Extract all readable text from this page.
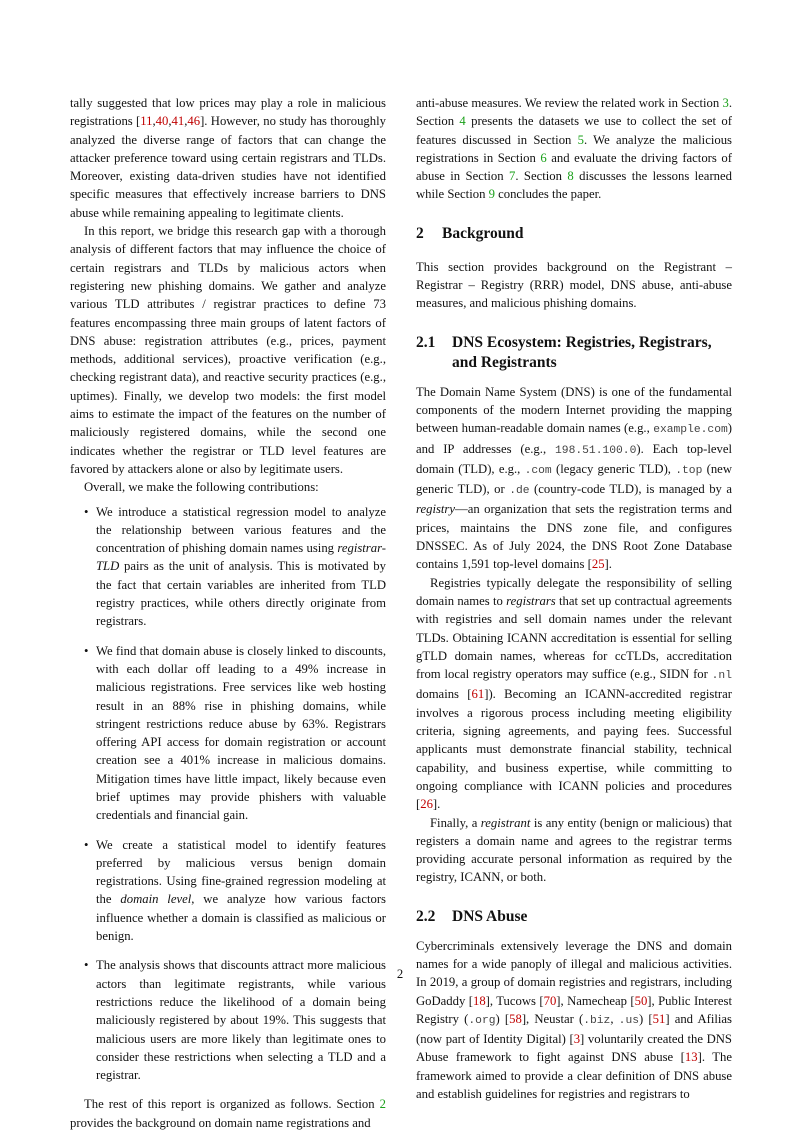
tally suggested that low prices may play a role in malicious registrations [11,40,41,46]. However, no study has thoroughly analyzed the diverse range of factors that can change the attacker preference toward using certain registrars and TLDs. Moreover, existing data-driven studies have not identified specific measures that effectively increase barriers to DNS abuse while remaining appealing to legitimate clients.

In this report, we bridge this research gap with a thorough analysis of different factors that may influence the choice of certain registrars and TLDs by malicious actors when registering new phishing domains. We gather and analyze various TLD attributes / registrar practices to define 73 features encompassing three main groups of latent factors of DNS abuse: registration attributes (e.g., prices, payment methods, additional services), proactive verification (e.g., checking registrant data), and reactive security practices (e.g., uptimes). Finally, we develop two models: the first model aims to estimate the impact of the features on the number of maliciously registered domains, while the second one indicates whether the registrar or TLD level features are favored by attackers alone or also by legitimate users.

Overall, we make the following contributions:

• We introduce a statistical regression model to analyze the relationship between various features and the concentration of phishing domain names using registrar-TLD pairs as the unit of analysis. This is motivated by the fact that certain variables are inherited from TLD registry practices, while others directly originate from registrars.
• We find that domain abuse is closely linked to discounts, with each dollar off leading to a 49% increase in malicious registrations. Free services like web hosting result in an 88% rise in phishing domains, while stringent restrictions reduce abuse by 63%. Registrars offering API access for domain registration or account creation see a 401% increase in malicious domains. Mitigation times have little impact, likely because even brief uptimes may provide phishers with valuable credentials and financial gain.
• We create a statistical model to identify features preferred by malicious versus benign domain registrations. Using fine-grained regression modeling at the domain level, we analyze how various factors influence whether a domain is classified as malicious or benign.
• The analysis shows that discounts attract more malicious actors than legitimate registrants, while various restrictions reduce the likelihood of a domain being maliciously registered by about 19%. This suggests that malicious users are more likely than legitimate ones to consider these restrictions when selecting a TLD and a registrar.

The rest of this report is organized as follows. Section 2 provides the background on domain name registrations and

anti-abuse measures. We review the related work in Section 3. Section 4 presents the datasets we use to collect the set of features discussed in Section 5. We analyze the malicious registrations in Section 6 and evaluate the driving factors of abuse in Section 7. Section 8 discusses the lessons learned while Section 9 concludes the paper.

2 Background

This section provides background on the Registrant – Registrar – Registry (RRR) model, DNS abuse, anti-abuse measures, and malicious phishing domains.

2.1	DNS Ecosystem: Registries, Registrars, and Registrants

The Domain Name System (DNS) is one of the fundamental components of the modern Internet providing the mapping between human-readable domain names (e.g., example.com) and IP addresses (e.g., 198.51.100.0). Each top-level domain (TLD), e.g., .com (legacy generic TLD), .top (new generic TLD), or .de (country-code TLD), is managed by a registry—an organization that sets the registration terms and prices, maintains the DNS zone file, and configures DNSSEC. As of July 2024, the DNS Root Zone Database contains 1,591 top-level domains [25].

Registries typically delegate the responsibility of selling domain names to registrars that set up contractual agreements with registries and sell domain names under the relevant TLDs. Obtaining ICANN accreditation is essential for selling gTLD domain names, whereas for ccTLDs, accreditation from local registry operators may suffice (e.g., SIDN for .nl domains [61]). Becoming an ICANN-accredited registrar involves a rigorous process including meeting eligibility criteria, signing agreements, and paying fees. Successful applicants must demonstrate financial stability, technical capability, and business expertise, while committing to ongoing compliance with ICANN policies and procedures [26].

Finally, a registrant is any entity (benign or malicious) that registers a domain name and agrees to the registrar terms providing accurate personal information as required by the registry, ICANN, or both.

2.2	DNS Abuse

Cybercriminals extensively leverage the DNS and domain names for a wide panoply of illegal and malicious activities. In 2019, a group of domain registries and registrars, including GoDaddy [18], Tucows [70], Namecheap [50], Public Interest Registry (.org) [58], Neustar (.biz, .us) [51] and Afilias (now part of Identity Digital) [3] voluntarily created the DNS Abuse framework to fight against DNS abuse [13]. The framework aimed to provide a clear definition of DNS abuse and establish guidelines for registries and registrars to

2
